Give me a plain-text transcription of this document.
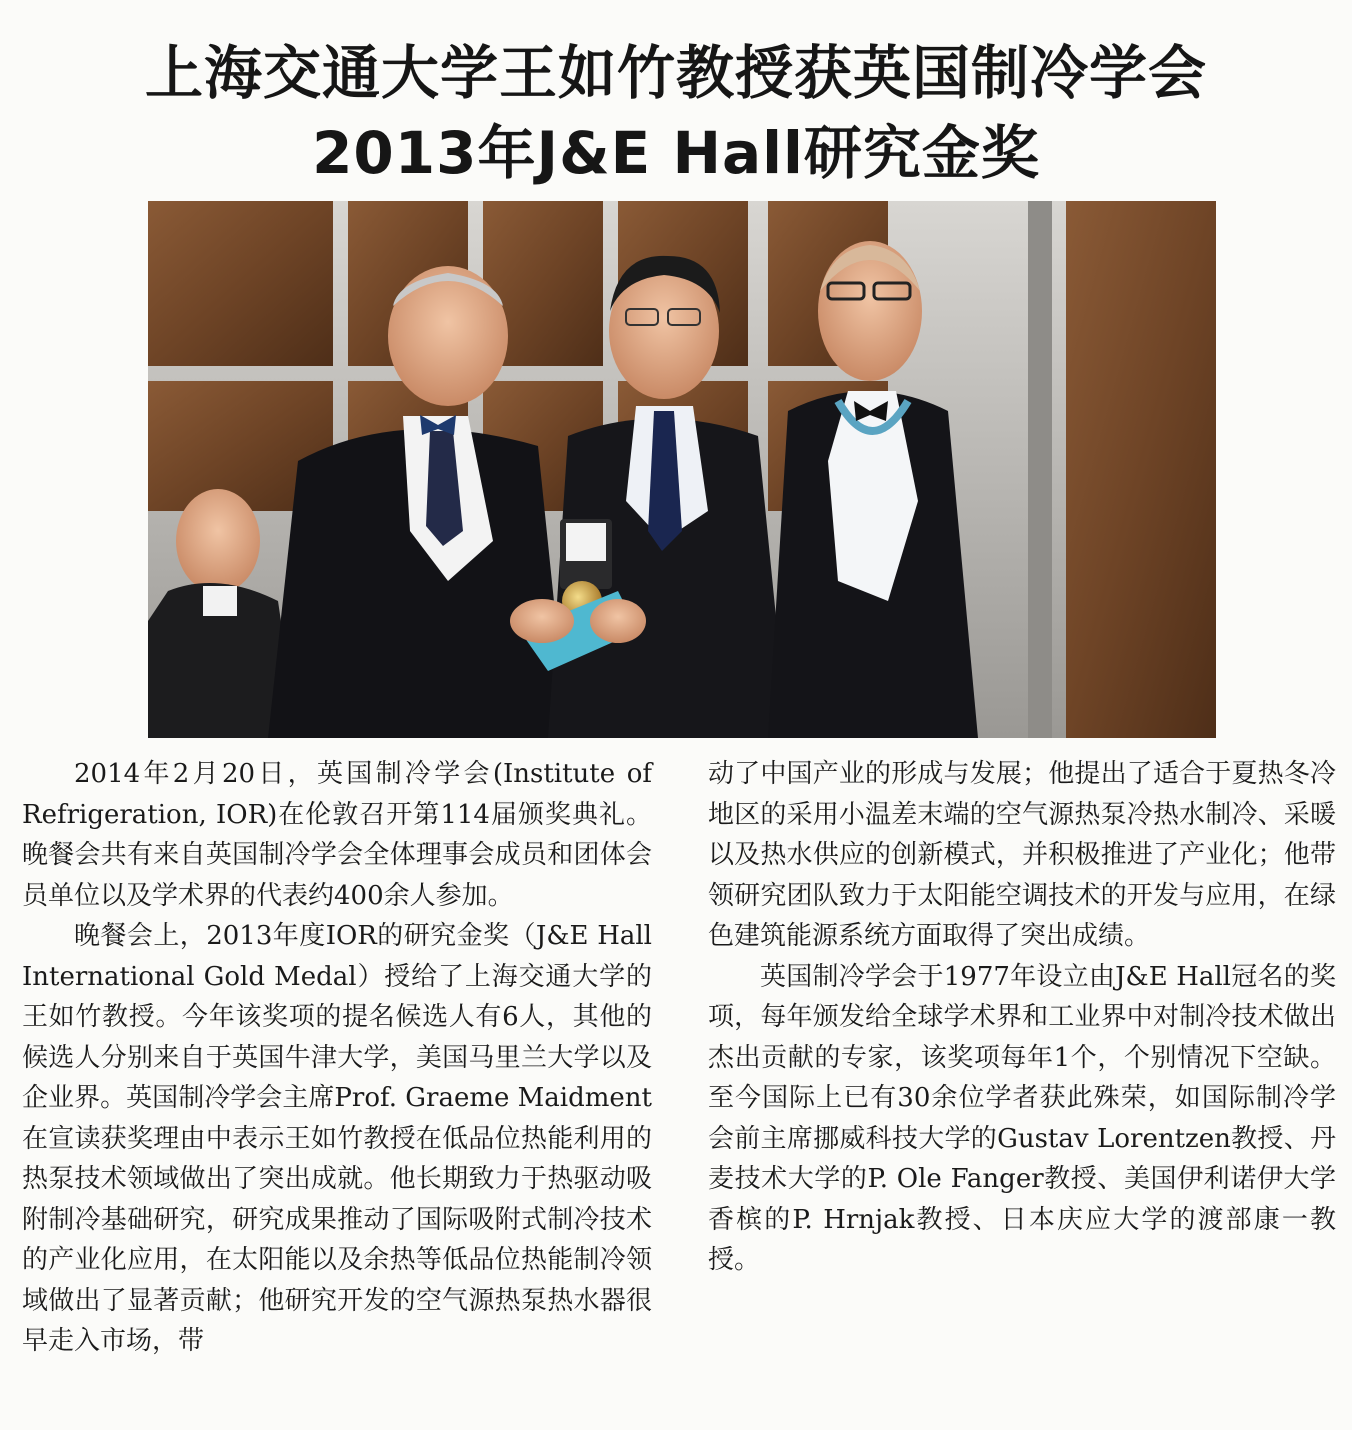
上海交通大学王如竹教授获英国制冷学会
2013年J&E Hall研究金奖

2014年2月20日，英国制冷学会(Institute of Refrigeration, IOR)在伦敦召开第114届颁奖典礼。晚餐会共有来自英国制冷学会全体理事会成员和团体会员单位以及学术界的代表约400余人参加。

晚餐会上，2013年度IOR的研究金奖（J&E Hall International Gold Medal）授给了上海交通大学的王如竹教授。今年该奖项的提名候选人有6人，其他的候选人分别来自于英国牛津大学，美国马里兰大学以及企业界。英国制冷学会主席Prof. Graeme Maidment在宣读获奖理由中表示王如竹教授在低品位热能利用的热泵技术领域做出了突出成就。他长期致力于热驱动吸附制冷基础研究，研究成果推动了国际吸附式制冷技术的产业化应用，在太阳能以及余热等低品位热能制冷领域做出了显著贡献；他研究开发的空气源热泵热水器很早走入市场，带

动了中国产业的形成与发展；他提出了适合于夏热冬冷地区的采用小温差末端的空气源热泵冷热水制冷、采暖以及热水供应的创新模式，并积极推进了产业化；他带领研究团队致力于太阳能空调技术的开发与应用，在绿色建筑能源系统方面取得了突出成绩。

英国制冷学会于1977年设立由J&E Hall冠名的奖项，每年颁发给全球学术界和工业界中对制冷技术做出杰出贡献的专家，该奖项每年1个，个别情况下空缺。至今国际上已有30余位学者获此殊荣，如国际制冷学会前主席挪威科技大学的Gustav Lorentzen教授、丹麦技术大学的P. Ole Fanger教授、美国伊利诺伊大学香槟的P. Hrnjak教授、日本庆应大学的渡部康一教授。
